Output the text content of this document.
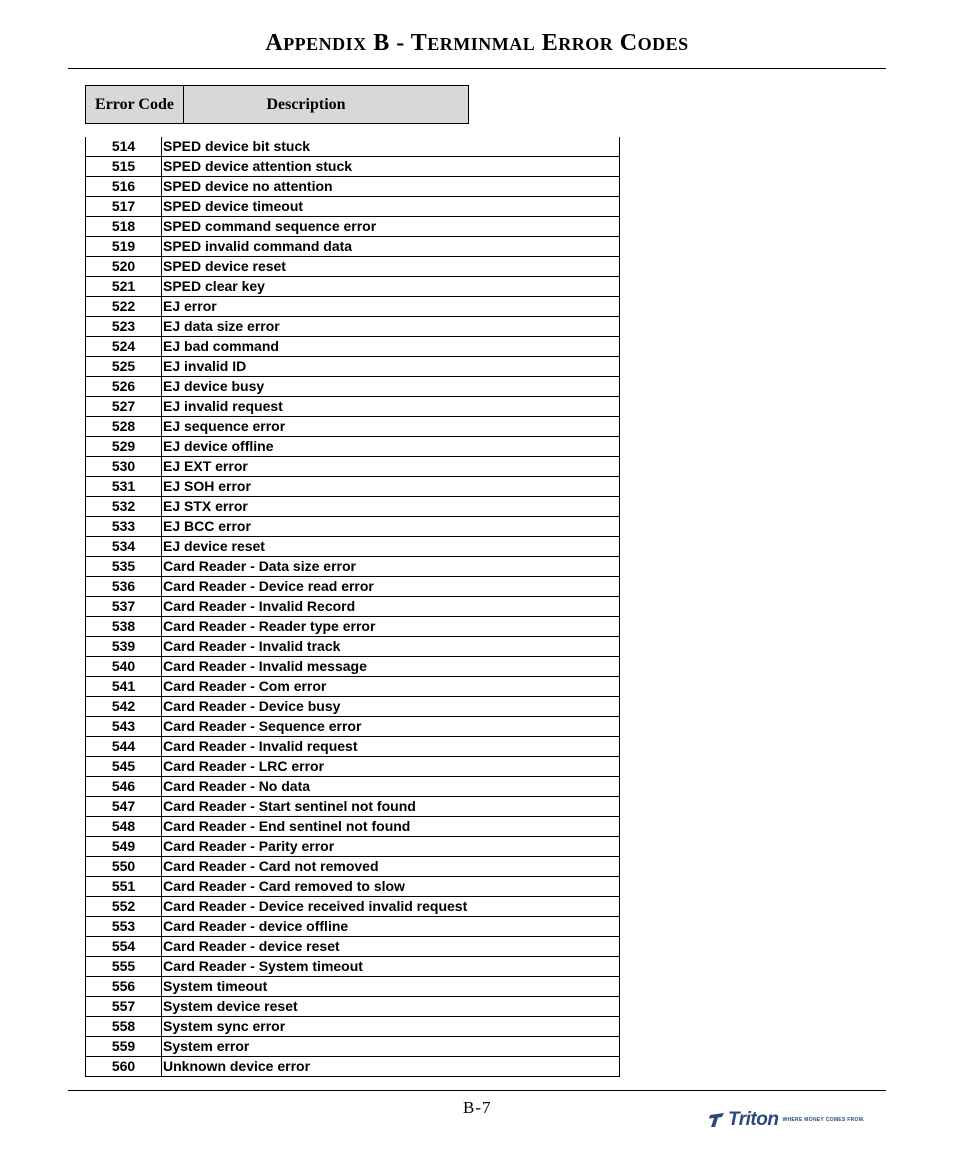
APPENDIX B - TERMINMAL ERROR CODES
Error Code	Description
514	SPED device bit stuck
515	SPED device attention stuck
516	SPED device no attention
517	SPED device timeout
518	SPED command sequence error
519	SPED invalid command data
520	SPED device reset
521	SPED clear key
522	EJ error
523	EJ data size error
524	EJ bad command
525	EJ invalid ID
526	EJ device busy
527	EJ invalid request
528	EJ sequence error
529	EJ device offline
530	EJ EXT error
531	EJ SOH error
532	EJ STX error
533	EJ BCC error
534	EJ device reset
535	Card Reader - Data size error
536	Card Reader - Device read error
537	Card Reader - Invalid Record
538	Card Reader - Reader type error
539	Card Reader - Invalid track
540	Card Reader - Invalid message
541	Card Reader - Com error
542	Card Reader - Device busy
543	Card Reader - Sequence error
544	Card Reader - Invalid request
545	Card Reader - LRC error
546	Card Reader - No data
547	Card Reader - Start sentinel not found
548	Card Reader - End sentinel not found
549	Card Reader - Parity error
550	Card Reader - Card not removed
551	Card Reader - Card removed to slow
552	Card Reader - Device received invalid request
553	Card Reader - device offline
554	Card Reader - device reset
555	Card Reader - System timeout
556	System timeout
557	System device reset
558	System sync error
559	System error
560	Unknown device error
B-7
Triton WHERE MONEY COMES FROM.
